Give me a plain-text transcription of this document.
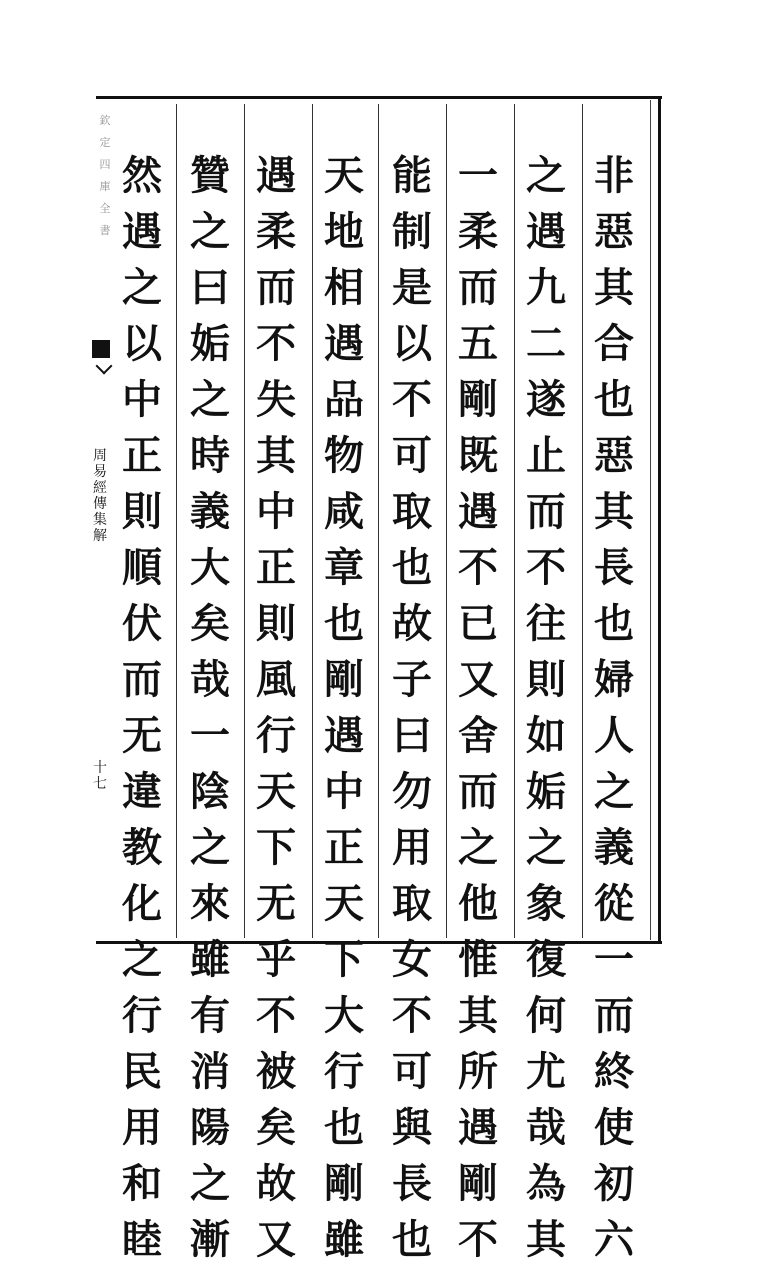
欽
定
四
庫
全
書
周
易
經
傳
集
解
十
七
非
惡
其
合
也
惡
其
長
也
婦
人
之
義
從
一
而
終
使
初
六
之
遇
九
二
遂
止
而
不
往
則
如
姤
之
象
復
何
尤
哉
為
其
一
柔
而
五
剛
既
遇
不
已
又
舍
而
之
他
惟
其
所
遇
剛
不
能
制
是
以
不
可
取
也
故
子
曰
勿
用
取
女
不
可
與
長
也
天
地
相
遇
品
物
咸
章
也
剛
遇
中
正
天
下
大
行
也
剛
雖
遇
柔
而
不
失
其
中
正
則
風
行
天
下
无
乎
不
被
矣
故
又
贊
之
曰
姤
之
時
義
大
矣
哉
一
陰
之
來
雖
有
消
陽
之
漸
然
遇
之
以
中
正
則
順
伏
而
无
違
教
化
之
行
民
用
和
睦
